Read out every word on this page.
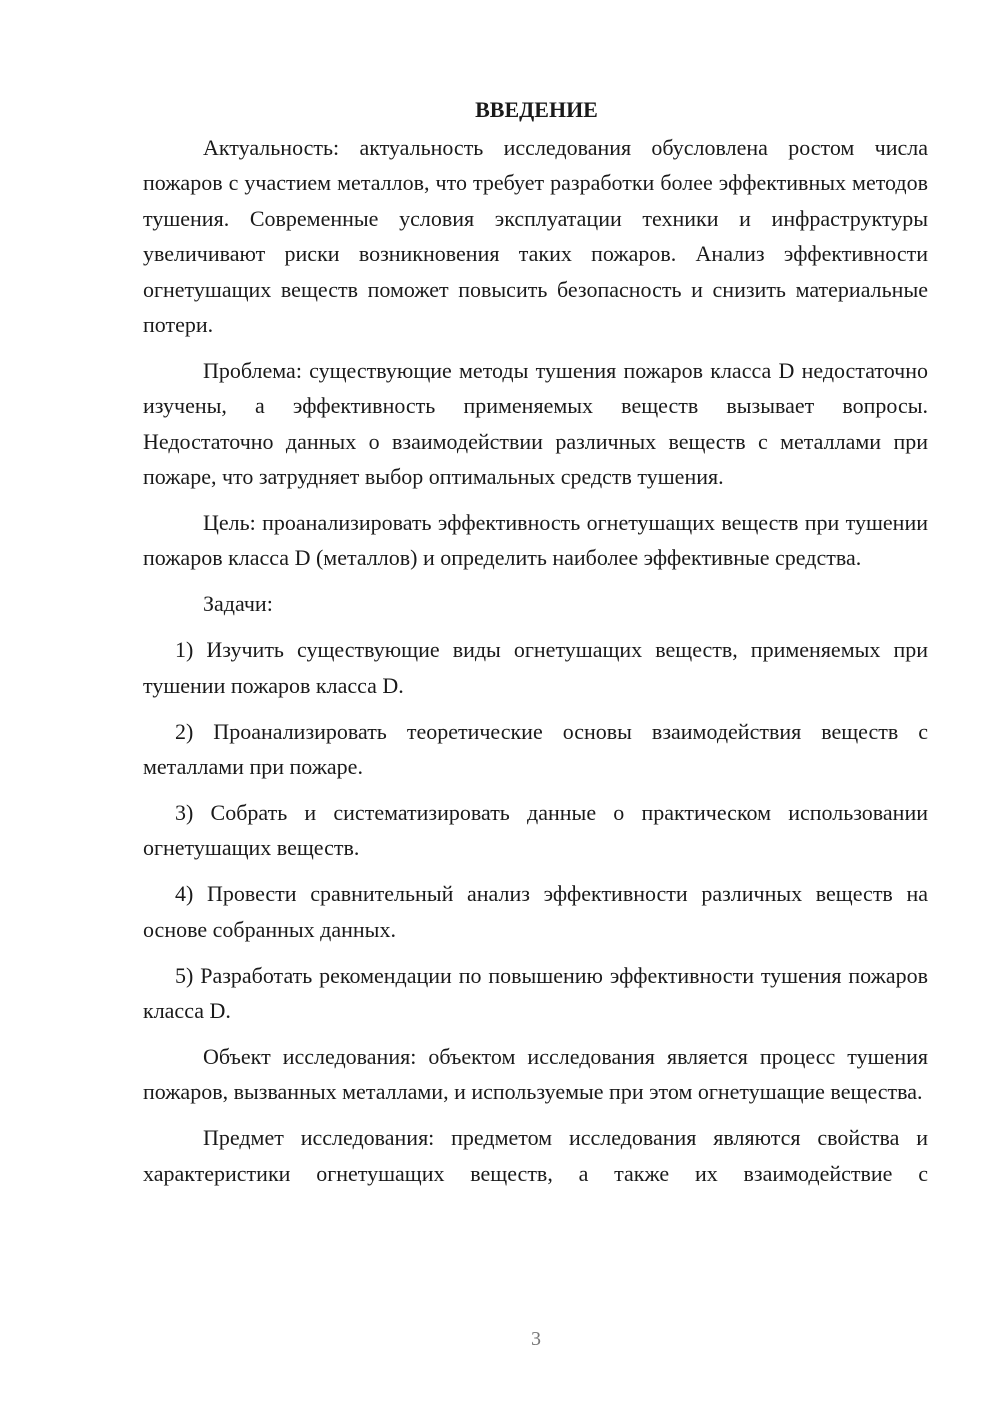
ВВЕДЕНИЕ

Актуальность: актуальность исследования обусловлена ростом числа пожаров с участием металлов, что требует разработки более эффективных методов тушения. Современные условия эксплуатации техники и инфраструктуры увеличивают риски возникновения таких пожаров. Анализ эффективности огнетушащих веществ поможет повысить безопасность и снизить материальные потери.

Проблема: существующие методы тушения пожаров класса D недостаточно изучены, а эффективность применяемых веществ вызывает вопросы. Недостаточно данных о взаимодействии различных веществ с металлами при пожаре, что затрудняет выбор оптимальных средств тушения.

Цель: проанализировать эффективность огнетушащих веществ при тушении пожаров класса D (металлов) и определить наиболее эффективные средства.

Задачи:

1) Изучить существующие виды огнетушащих веществ, применяемых при тушении пожаров класса D.

2) Проанализировать теоретические основы взаимодействия веществ с металлами при пожаре.

3) Собрать и систематизировать данные о практическом использовании огнетушащих веществ.

4) Провести сравнительный анализ эффективности различных веществ на основе собранных данных.

5) Разработать рекомендации по повышению эффективности тушения пожаров класса D.

Объект исследования: объектом исследования является процесс тушения пожаров, вызванных металлами, и используемые при этом огнетушащие вещества.

Предмет исследования: предметом исследования являются свойства и характеристики огнетушащих веществ, а также их взаимодействие с

3
